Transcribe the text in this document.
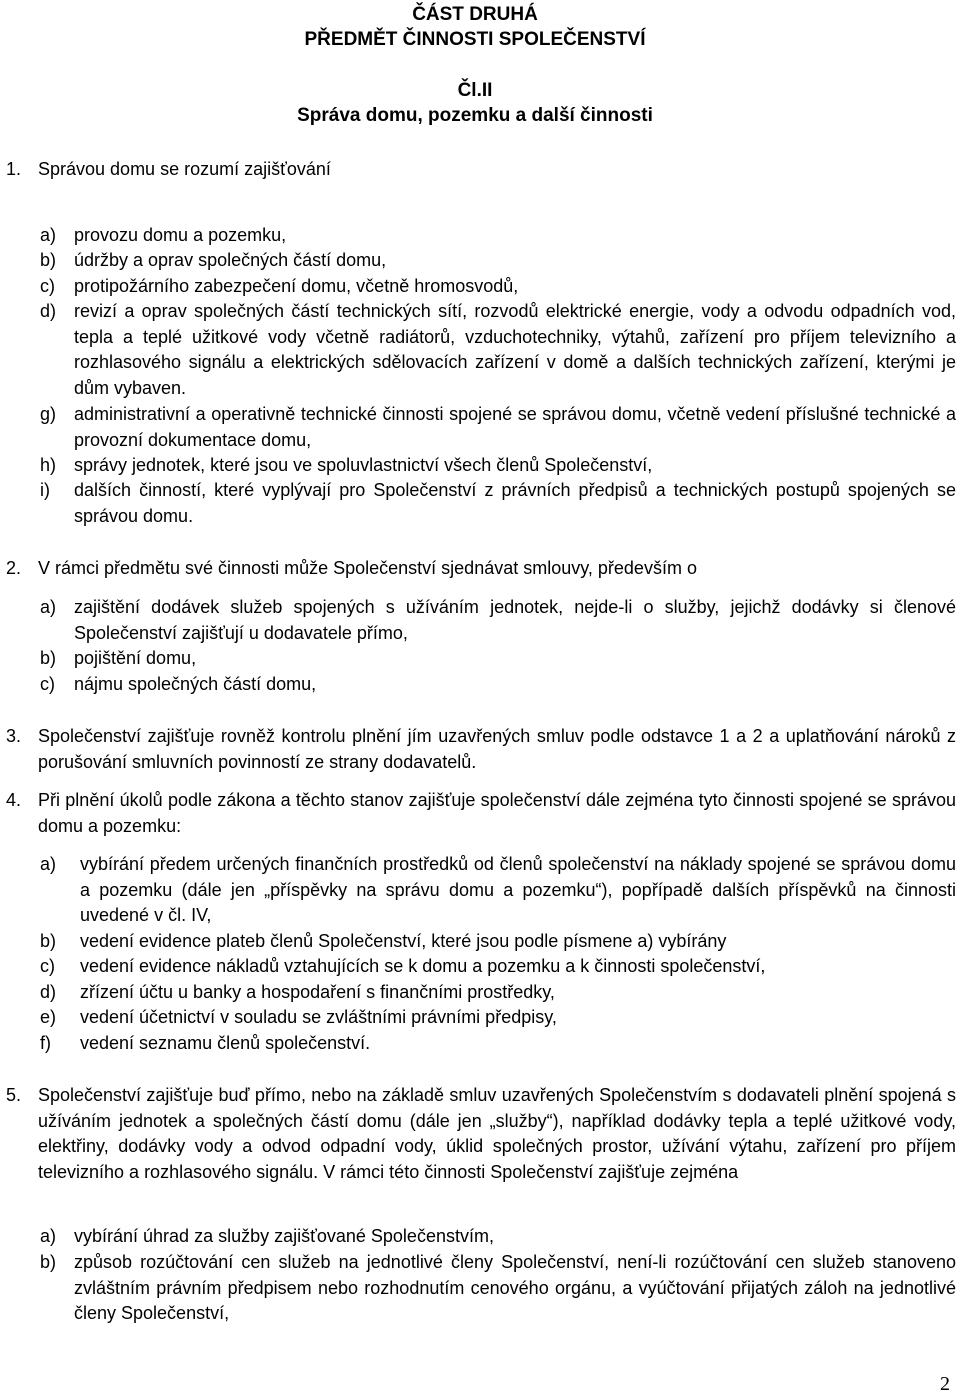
ČÁST DRUHÁ
PŘEDMĚT ČINNOSTI SPOLEČENSTVÍ
Čl.II
Správa domu, pozemku a další činnosti
1. Správou domu se rozumí zajišťování
a) provozu domu a pozemku,
b) údržby a oprav společných částí domu,
c) protipožárního zabezpečení domu, včetně hromosvodů,
d) revizí a oprav společných částí technických sítí, rozvodů elektrické energie, vody a odvodu odpadních vod, tepla a teplé užitkové vody včetně radiátorů, vzduchotechniky, výtahů, zařízení pro příjem televizního a rozhlasového signálu a elektrických sdělovacích zařízení v domě a dalších technických zařízení, kterými je dům vybaven.
g) administrativní a operativně technické činnosti spojené se správou domu, včetně vedení příslušné technické a provozní dokumentace domu,
h) správy jednotek, které jsou ve spoluvlastnictví všech členů Společenství,
i) dalších činností, které vyplývají pro Společenství z právních předpisů a technických postupů spojených se správou domu.
2. V rámci předmětu své činnosti může Společenství sjednávat smlouvy, především o
a) zajištění dodávek služeb spojených s užíváním jednotek, nejde-li o služby, jejichž dodávky si členové Společenství zajišťují u dodavatele přímo,
b) pojištění domu,
c) nájmu společných částí domu,
3. Společenství zajišťuje rovněž kontrolu plnění jím uzavřených smluv podle odstavce 1 a 2 a uplatňování nároků z porušování smluvních povinností ze strany dodavatelů.
4. Při plnění úkolů podle zákona a těchto stanov zajišťuje společenství dále zejména tyto činnosti spojené se správou domu a pozemku:
a) vybírání předem určených finančních prostředků od členů společenství na náklady spojené se správou domu a pozemku (dále jen „příspěvky na správu domu a pozemku“), popřípadě dalších příspěvků na činnosti uvedené v čl. IV,
b) vedení evidence plateb členů Společenství, které jsou podle písmene a) vybírány
c) vedení evidence nákladů vztahujících se k domu a pozemku a k činnosti společenství,
d) zřízení účtu u banky a hospodaření s finančními prostředky,
e) vedení účetnictví v souladu se zvláštními právními předpisy,
f) vedení seznamu členů společenství.
5. Společenství zajišťuje buď přímo, nebo na základě smluv uzavřených Společenstvím s dodavateli plnění spojená s užíváním jednotek a společných částí domu (dále jen „služby“), například dodávky tepla a teplé užitkové vody, elektřiny, dodávky vody a odvod odpadní vody, úklid společných prostor, užívání výtahu, zařízení pro příjem televizního a rozhlasového signálu. V rámci této činnosti Společenství zajišťuje zejména
a) vybírání úhrad za služby zajišťované Společenstvím,
b) způsob rozúčtování cen služeb na jednotlivé členy Společenství, není-li rozúčtování cen služeb stanoveno zvláštním právním předpisem nebo rozhodnutím cenového orgánu, a vyúčtování přijatých záloh na jednotlivé členy Společenství,
2
